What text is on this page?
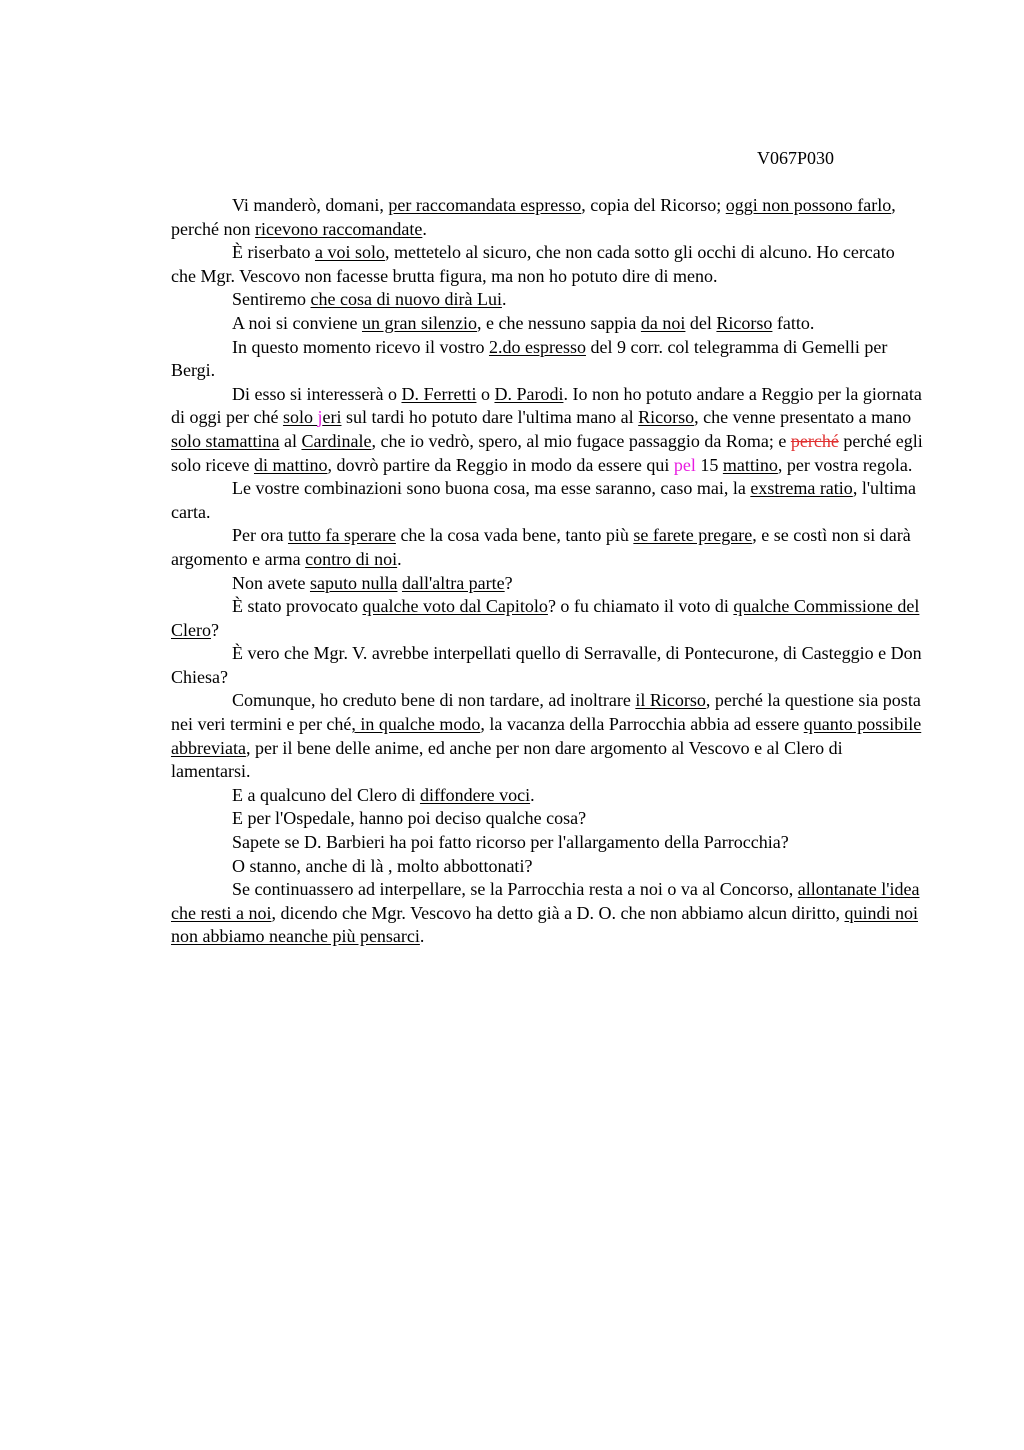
V067P030

Vi manderò, domani, per raccomandata espresso, copia del Ricorso; oggi non possono farlo, perché non ricevono raccomandate.

È riserbato a voi solo, mettetelo al sicuro, che non cada sotto gli occhi di alcuno. Ho cercato che Mgr. Vescovo non facesse brutta figura, ma non ho potuto dire di meno.

Sentiremo che cosa di nuovo dirà Lui.

A noi si conviene un gran silenzio, e che nessuno sappia da noi del Ricorso fatto.

In questo momento ricevo il vostro 2.do espresso del 9 corr. col telegramma di Gemelli per Bergi.

Di esso si interesserà o D. Ferretti o D. Parodi. Io non ho potuto andare a Reggio per la giornata di oggi per ché solo jeri sul tardi ho potuto dare l'ultima mano al Ricorso, che venne presentato a mano solo stamattina al Cardinale, che io vedrò, spero, al mio fugace passaggio da Roma; e perché perché egli solo riceve di mattino, dovrò partire da Reggio in modo da essere qui pel 15 mattino, per vostra regola.

Le vostre combinazioni sono buona cosa, ma esse saranno, caso mai, la exstrema ratio, l'ultima carta.

Per ora tutto fa sperare che la cosa vada bene, tanto più se farete pregare, e se costì non si darà argomento e arma contro di noi.

Non avete saputo nulla dall'altra parte?

È stato provocato qualche voto dal Capitolo? o fu chiamato il voto di qualche Commissione del Clero?

È vero che Mgr. V. avrebbe interpellati quello di Serravalle, di Pontecurone, di Casteggio e Don Chiesa?

Comunque, ho creduto bene di non tardare, ad inoltrare il Ricorso, perché la questione sia posta nei veri termini e per ché, in qualche modo, la vacanza della Parrocchia abbia ad essere quanto possibile abbreviata, per il bene delle anime, ed anche per non dare argomento al Vescovo e al Clero di lamentarsi.

E a qualcuno del Clero di diffondere voci.

E per l'Ospedale, hanno poi deciso qualche cosa?

Sapete se D. Barbieri ha poi fatto ricorso per l'allargamento della Parrocchia?

O stanno, anche di là , molto abbottonati?

Se continuassero ad interpellare, se la Parrocchia resta a noi o va al Concorso, allontanate l'idea che resti a noi, dicendo che Mgr. Vescovo ha detto già a D. O. che non abbiamo alcun diritto, quindi noi non abbiamo neanche più pensarci.
